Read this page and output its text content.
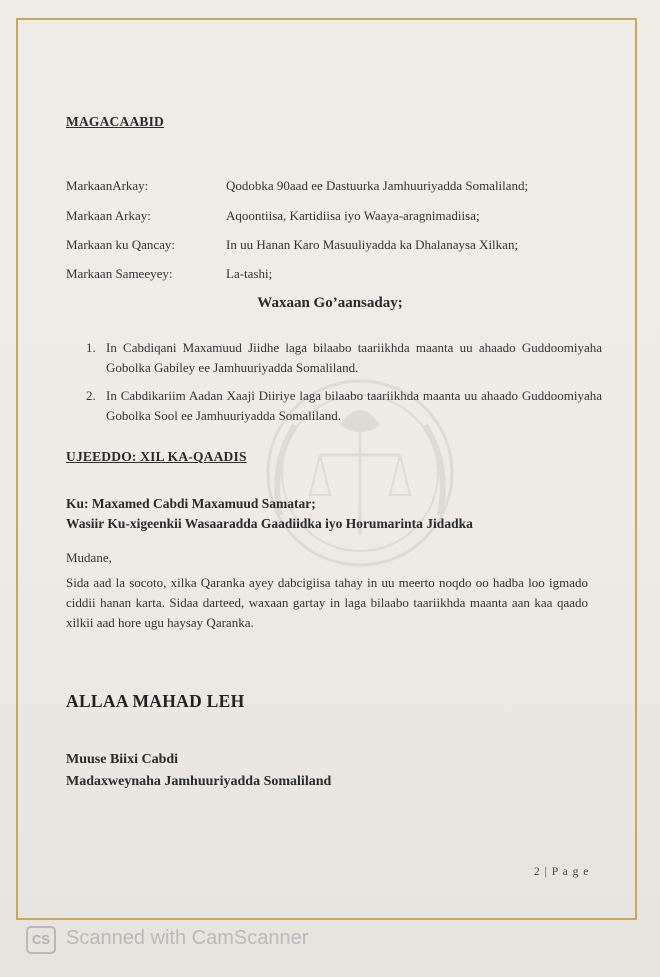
MAGACAABID
MarkaanArkay:	Qodobka 90aad ee Dastuurka Jamhuuriyadda Somaliland;
Markaan Arkay:	Aqoontiisa, Kartidiisa iyo Waaya-aragnimadiisa;
Markaan ku Qancay:	In uu Hanan Karo Masuuliyadda ka Dhalanaysa Xilkan;
Markaan Sameeyey:	La-tashi;
Waxaan Go’aansaday;
1. In Cabdiqani Maxamuud Jiidhe laga bilaabo taariikhda maanta uu ahaado Guddoomiyaha Gobolka Gabiley ee Jamhuuriyadda Somaliland.
2. In Cabdikariim Aadan Xaaji Diiriye laga bilaabo taariikhda maanta uu ahaado Guddoomiyaha Gobolka Sool ee Jamhuuriyadda Somaliland.
UJEEDDO: XIL KA-QAADIS
Ku: Maxamed Cabdi Maxamuud Samatar;
Wasiir Ku-xigeenkii Wasaaradda Gaadiidka iyo Horumarinta Jidadka
Mudane,
Sida aad la socoto, xilka Qaranka ayey dabcigiisa tahay in uu meerto noqdo oo hadba loo igmado ciddii hanan karta. Sidaa darteed, waxaan gartay in laga bilaabo taariikhda maanta aan kaa qaado xilkii aad hore ugu haysay Qaranka.
ALLAA MAHAD LEH
Muuse Biixi Cabdi
Madaxweynaha Jamhuuriyadda Somaliland
2 | P a g e
CS Scanned with CamScanner
